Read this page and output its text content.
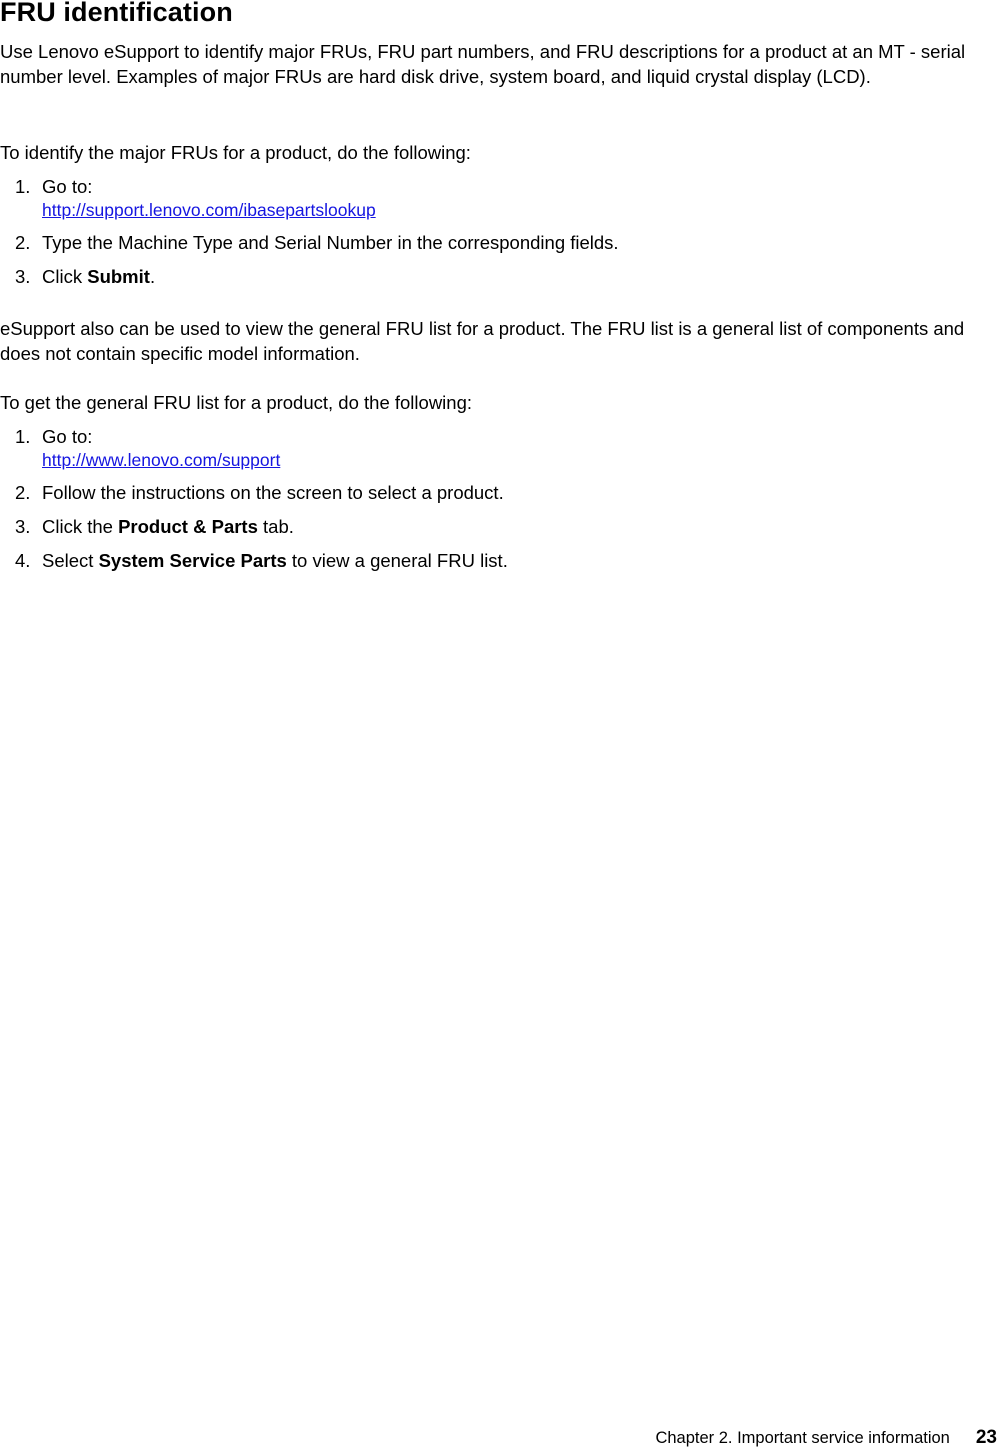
FRU identification

Use Lenovo eSupport to identify major FRUs, FRU part numbers, and FRU descriptions for a product at an MT - serial number level. Examples of major FRUs are hard disk drive, system board, and liquid crystal display (LCD).

To identify the major FRUs for a product, do the following:

1. Go to:
http://support.lenovo.com/ibasepartslookup
2. Type the Machine Type and Serial Number in the corresponding fields.
3. Click Submit.

eSupport also can be used to view the general FRU list for a product. The FRU list is a general list of components and does not contain specific model information.

To get the general FRU list for a product, do the following:

1. Go to:
http://www.lenovo.com/support
2. Follow the instructions on the screen to select a product.
3. Click the Product & Parts tab.
4. Select System Service Parts to view a general FRU list.
Chapter 2. Important service information 23
